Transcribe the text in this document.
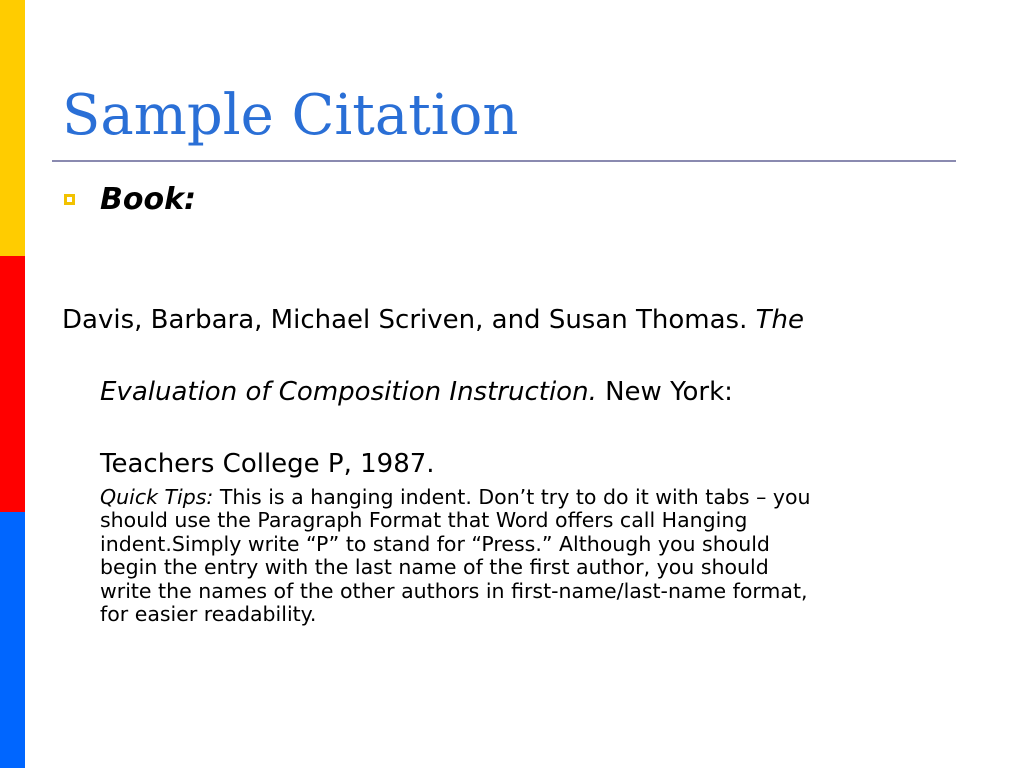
Sample Citation
Book:
Davis, Barbara, Michael Scriven, and Susan Thomas. The
Evaluation of Composition Instruction. New York:
Teachers College P, 1987.
Quick Tips: This is a hanging indent. Don’t try to do it with tabs – you
should use the Paragraph Format that Word offers call Hanging
indent.Simply write “P” to stand for “Press.” Although you should
begin the entry with the last name of the first author, you should
write the names of the other authors in first-name/last-name format,
for easier readability.
